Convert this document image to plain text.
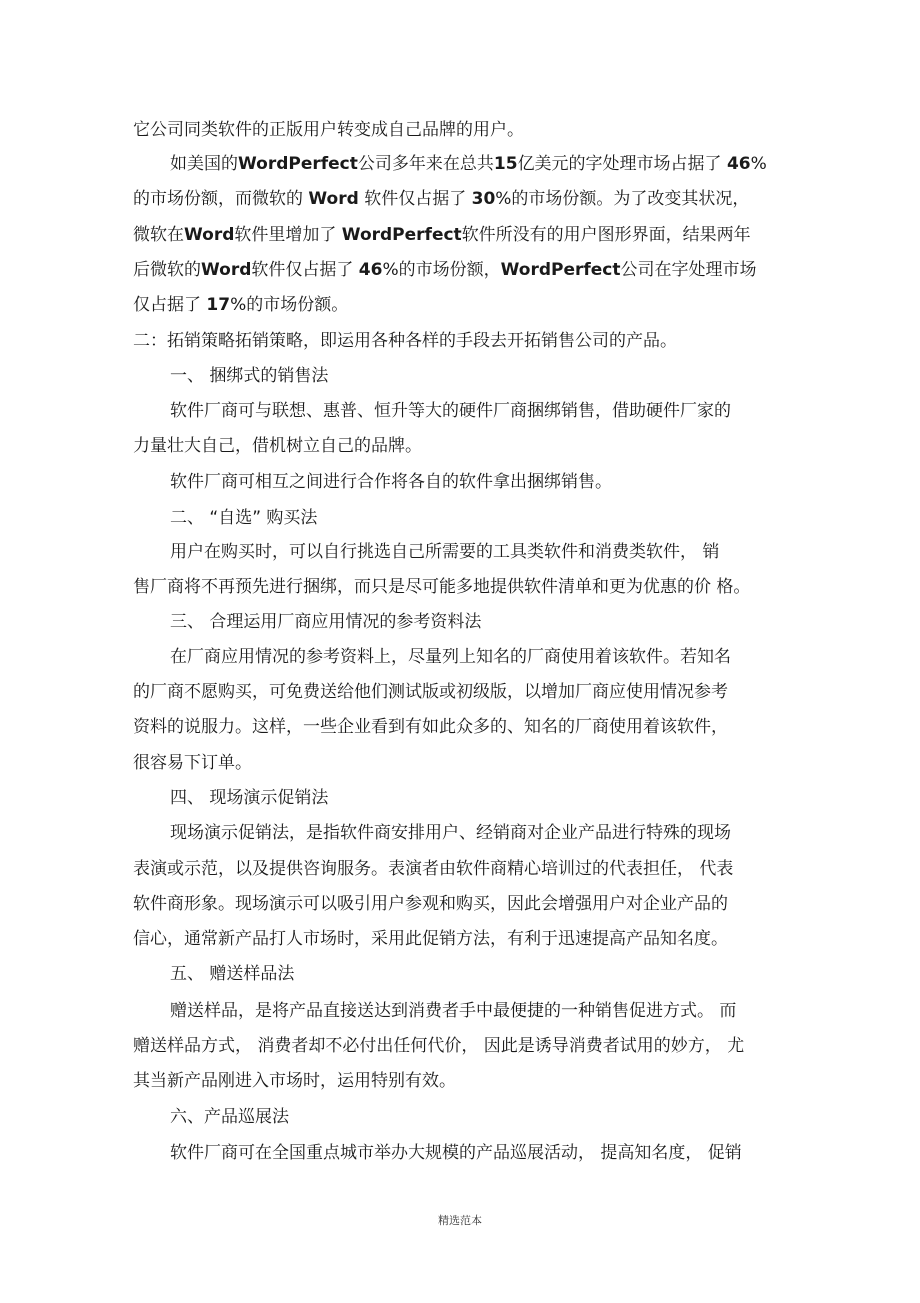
它公司同类软件的正版用户转变成自己品牌的用户。
如美国的WordPerfect公司多年来在总共15亿美元的字处理市场占据了 46%
的市场份额，而微软的 Word 软件仅占据了 30%的市场份额。为了改变其状况，
微软在Word软件里增加了 WordPerfect软件所没有的用户图形界面，结果两年
后微软的Word软件仅占据了 46%的市场份额，WordPerfect公司在字处理市场
仅占据了 17%的市场份额。
二：拓销策略拓销策略，即运用各种各样的手段去开拓销售公司的产品。
一、 捆绑式的销售法
软件厂商可与联想、惠普、恒升等大的硬件厂商捆绑销售，借助硬件厂家的
力量壮大自己，借机树立自己的品牌。
软件厂商可相互之间进行合作将各自的软件拿出捆绑销售。
二、 “自选” 购买法
用户在购买时，可以自行挑选自己所需要的工具类软件和消费类软件， 销
售厂商将不再预先进行捆绑，而只是尽可能多地提供软件清单和更为优惠的价 格。
三、 合理运用厂商应用情况的参考资料法
在厂商应用情况的参考资料上，尽量列上知名的厂商使用着该软件。若知名
的厂商不愿购买，可免费送给他们测试版或初级版，以增加厂商应使用情况参考
资料的说服力。这样，一些企业看到有如此众多的、知名的厂商使用着该软件，
很容易下订单。
四、 现场演示促销法
现场演示促销法，是指软件商安排用户、经销商对企业产品进行特殊的现场
表演或示范，以及提供咨询服务。表演者由软件商精心培训过的代表担任， 代表
软件商形象。现场演示可以吸引用户参观和购买，因此会增强用户对企业产品的
信心，通常新产品打人市场时，采用此促销方法，有利于迅速提高产品知名度。
五、 赠送样品法
赠送样品，是将产品直接送达到消费者手中最便捷的一种销售促进方式。 而
赠送样品方式， 消费者却不必付出任何代价， 因此是诱导消费者试用的妙方， 尤
其当新产品刚进入市场时，运用特别有效。
六、产品巡展法
软件厂商可在全国重点城市举办大规模的产品巡展活动， 提高知名度， 促销
精选范本
